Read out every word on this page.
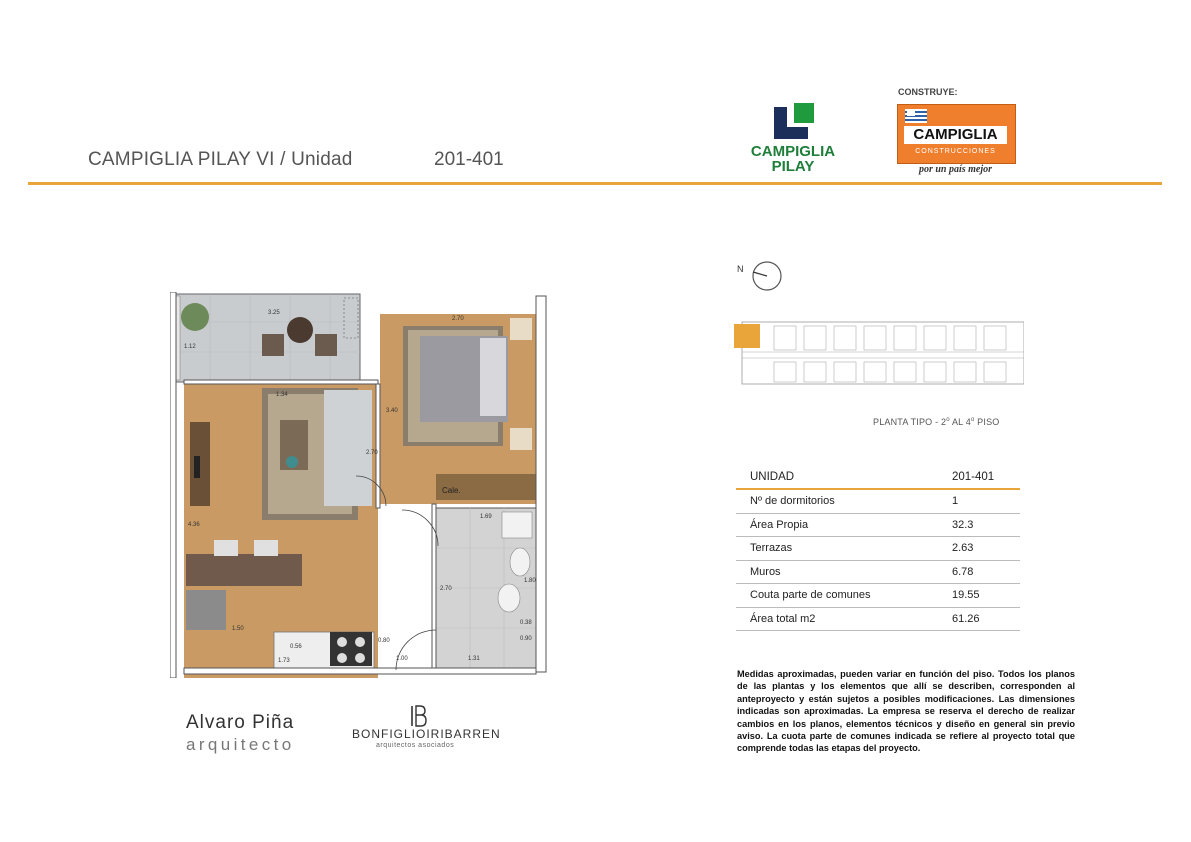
CAMPIGLIA PILAY VI / Unidad	201-401	CAMPIGLIA
PILAY
CONSTRUYE:
CAMPIGLIA
CONSTRUCCIONES
por un país mejor
Cale.
3.25
1.12
2.70
1.34
3.40
2.70
4.36
1.69
2.70
1.80
1.50
0.38
0.90
0.80
1.00	1.31
0.56
1.73
N
PLANTA TIPO - 2$^o$ AL 4$^o$ PISO
UNIDAD	201-401
Nº de dormitorios	1
Área Propia	32.3
Terrazas	2.63
Muros	6.78
Couta parte de comunes	19.55
Área total m2	61.26
Medidas aproximadas, pueden variar en función del piso. Todos los planos de las plantas y los elementos que allí se describen, corresponden al anteproyecto y están sujetos a posibles modificaciones. Las dimensiones indicadas son aproximadas. La empresa se reserva el derecho de realizar cambios en los planos, elementos técnicos y diseño en general sin previo aviso. La cuota parte de comunes indicada se refiere al proyecto total que comprende todas las etapas del proyecto.
Alvaro Piña
arquitecto
BONFIGLIOIRIBARREN
arquitectos asociados
